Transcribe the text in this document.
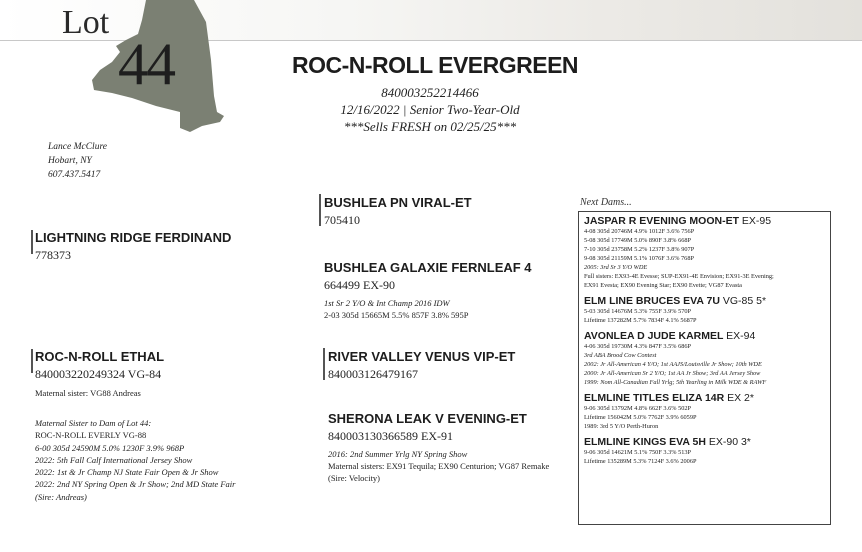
Lot
44	ROC-N-ROLL EVERGREEN
840003252214466
12/16/2022 | Senior Two-Year-Old
***Sells FRESH on 02/25/25***
Lance McClure
Hobart, NY
607.437.5417
LIGHTNING RIDGE FERDINAND
778373
ROC-N-ROLL ETHAL
840003220249324 VG-84
Maternal sister: VG88 Andreas
Maternal Sister to Dam of Lot 44:
ROC-N-ROLL EVERLY VG-88
6-00 305d 24590M 5.0% 1230F 3.9% 968P
2022: 5th Fall Calf International Jersey Show
2022: 1st & Jr Champ NJ State Fair Open & Jr Show
2022: 2nd NY Spring Open & Jr Show; 2nd MD State Fair
(Sire: Andreas)
BUSHLEA PN VIRAL-ET
705410
BUSHLEA GALAXIE FERNLEAF 4
664499 EX-90
1st Sr 2 Y/O & Int Champ 2016 IDW
2-03 305d 15665M 5.5% 857F 3.8% 595P
RIVER VALLEY VENUS VIP-ET
840003126479167
SHERONA LEAK V EVENING-ET
840003130366589 EX-91
2016: 2nd Summer Yrlg NY Spring Show
Maternal sisters: EX91 Tequila; EX90 Centurion; VG87 Remake
(Sire: Velocity)
Next Dams...
JASPAR R EVENING MOON-ET EX-95
4-08 305d 20746M 4.9% 1012F 3.6% 756P
5-08 305d 17749M 5.0% 890F 3.8% 668P
7-10 305d 23758M 5.2% 1237F 3.8% 907P
9-08 305d 21159M 5.1% 1076F 3.6% 768P
2005: 3rd Sr 3 Y/O WDE
Full sisters: EX93-4E Evesse; SUP-EX91-4E Envision; EX91-3E Evening;
EX91 Evesta; EX90 Evening Star; EX90 Evette; VG87 Evasta
ELM LINE BRUCES EVA 7U VG-85 5*
5-03 305d 14676M 5.3% 755F 3.9% 570P
Lifetime 137282M 5.7% 7834F 4.1% 5687P
AVONLEA D JUDE KARMEL EX-94
4-06 305d 19730M 4.3% 847F 3.5% 686P
3rd ABA Brood Cow Contest
2002: Jr All-American 4 Y/O; 1st AAJS/Louisville Jr Show; 10th WDE
2000: Jr All-American Sr 2 Y/O; 1st AA Jr Show; 3rd AA Jersey Show
1999: Nom All-Canadian Fall Yrlg; 5th Yearling in Milk WDE & RAWF
ELMLINE TITLES ELIZA 14R EX 2*
9-06 305d 13792M 4.8% 662F 3.6% 502P
Lifetime 156042M 5.0% 7762F 3.9% 6059P
1989: 3rd 5 Y/O Perth-Huron
ELMLINE KINGS EVA 5H EX-90 3*
9-06 305d 14621M 5.1% 750F 3.3% 513P
Lifetime 135289M 5.3% 7124F 3.6% 2006P
